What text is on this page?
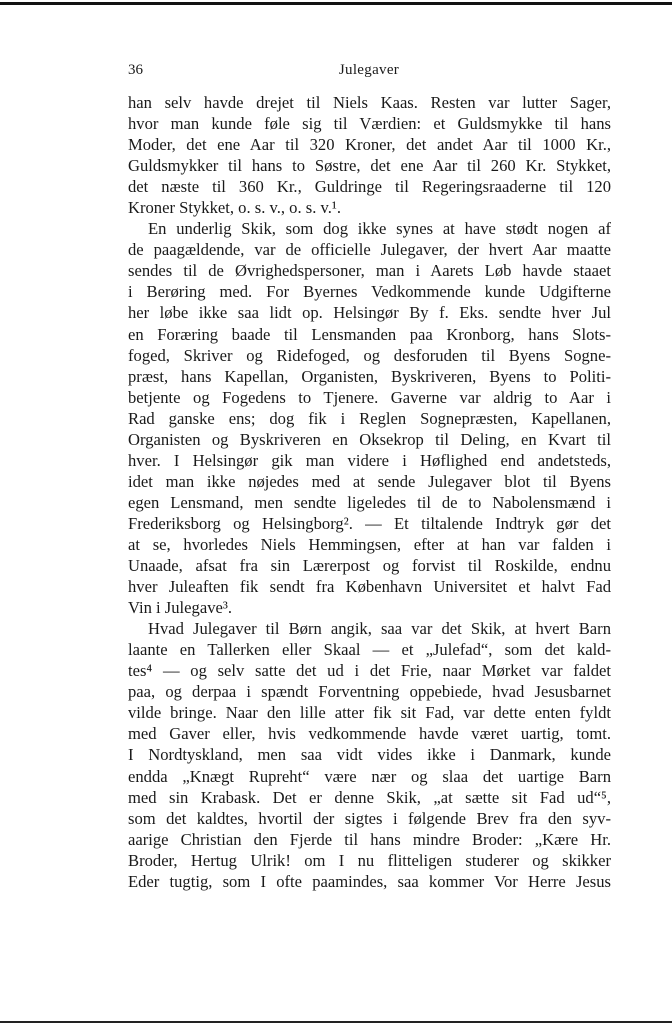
36	Julegaver
han selv havde drejet til Niels Kaas. Resten var lutter Sager,
hvor man kunde føle sig til Værdien: et Guldsmykke til hans
Moder, det ene Aar til 320 Kroner, det andet Aar til 1000 Kr.,
Guldsmykker til hans to Søstre, det ene Aar til 260 Kr. Stykket,
det næste til 360 Kr., Guldringe til Regeringsraaderne til 120
Kroner Stykket, o. s. v., o. s. v.¹.
En underlig Skik, som dog ikke synes at have stødt nogen af
de paagældende, var de officielle Julegaver, der hvert Aar maatte
sendes til de Øvrighedspersoner, man i Aarets Løb havde staaet
i Berøring med. For Byernes Vedkommende kunde Udgifterne
her løbe ikke saa lidt op. Helsingør By f. Eks. sendte hver Jul
en Foræring baade til Lensmanden paa Kronborg, hans Slots-
foged, Skriver og Ridefoged, og desforuden til Byens Sogne-
præst, hans Kapellan, Organisten, Byskriveren, Byens to Politi-
betjente og Fogedens to Tjenere. Gaverne var aldrig to Aar i
Rad ganske ens; dog fik i Reglen Sognepræsten, Kapellanen,
Organisten og Byskriveren en Oksekrop til Deling, en Kvart til
hver. I Helsingør gik man videre i Høflighed end andetsteds,
idet man ikke nøjedes med at sende Julegaver blot til Byens
egen Lensmand, men sendte ligeledes til de to Nabolensmænd i
Frederiksborg og Helsingborg². — Et tiltalende Indtryk gør det
at se, hvorledes Niels Hemmingsen, efter at han var falden i
Unaade, afsat fra sin Lærerpost og forvist til Roskilde, endnu
hver Juleaften fik sendt fra København Universitet et halvt Fad
Vin i Julegave³.
Hvad Julegaver til Børn angik, saa var det Skik, at hvert Barn
laante en Tallerken eller Skaal — et „Julefad“, som det kald-
tes⁴ — og selv satte det ud i det Frie, naar Mørket var faldet
paa, og derpaa i spændt Forventning oppebiede, hvad Jesusbarnet
vilde bringe. Naar den lille atter fik sit Fad, var dette enten fyldt
med Gaver eller, hvis vedkommende havde været uartig, tomt.
I Nordtyskland, men saa vidt vides ikke i Danmark, kunde
endda „Knægt Rupreht“ være nær og slaa det uartige Barn
med sin Krabask. Det er denne Skik, „at sætte sit Fad ud“⁵,
som det kaldtes, hvortil der sigtes i følgende Brev fra den syv-
aarige Christian den Fjerde til hans mindre Broder: „Kære Hr.
Broder, Hertug Ulrik! om I nu flitteligen studerer og skikker
Eder tugtig, som I ofte paamindes, saa kommer Vor Herre Jesus
